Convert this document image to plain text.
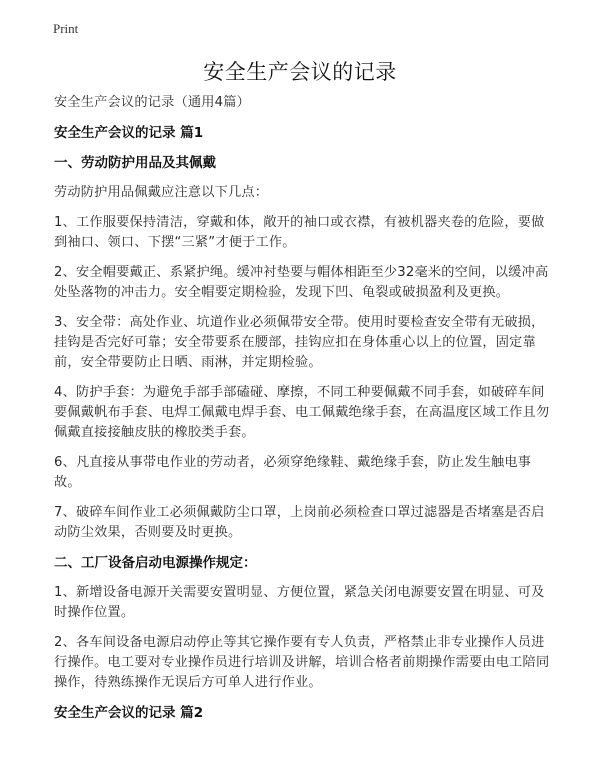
Print
安全生产会议的记录

安全生产会议的记录（通用4篇）

安全生产会议的记录 篇1

一、劳动防护用品及其佩戴

劳动防护用品佩戴应注意以下几点：

1、工作服要保持清洁，穿戴和体，敞开的袖口或衣襟，有被机器夹卷的危险，要做到袖口、领口、下摆“三紧”才便于工作。

2、安全帽要戴正、系紧护绳。缓冲衬垫要与帽体相距至少32毫米的空间，以缓冲高处坠落物的冲击力。安全帽要定期检验，发现下凹、龟裂或破损盈利及更换。

3、安全带：高处作业、坑道作业必须佩带安全带。使用时要检查安全带有无破损，挂钩是否完好可靠；安全带要系在腰部，挂钩应扣在身体重心以上的位置，固定靠前，安全带要防止日晒、雨淋，并定期检验。

4、防护手套：为避免手部手部磕碰、摩擦，不同工种要佩戴不同手套，如破碎车间要佩戴帆布手套、电焊工佩戴电焊手套、电工佩戴绝缘手套，在高温度区域工作且勿佩戴直接接触皮肤的橡胶类手套。

6、凡直接从事带电作业的劳动者，必须穿绝缘鞋、戴绝缘手套，防止发生触电事故。

7、破碎车间作业工必须佩戴防尘口罩，上岗前必须检查口罩过滤器是否堵塞是否启动防尘效果，否则要及时更换。

二、工厂设备启动电源操作规定：

1、新增设备电源开关需要安置明显、方便位置，紧急关闭电源要安置在明显、可及时操作位置。

2、各车间设备电源启动停止等其它操作要有专人负责，严格禁止非专业操作人员进行操作。电工要对专业操作员进行培训及讲解，培训合格者前期操作需要由电工陪同操作，待熟练操作无误后方可单人进行作业。

安全生产会议的记录 篇2
